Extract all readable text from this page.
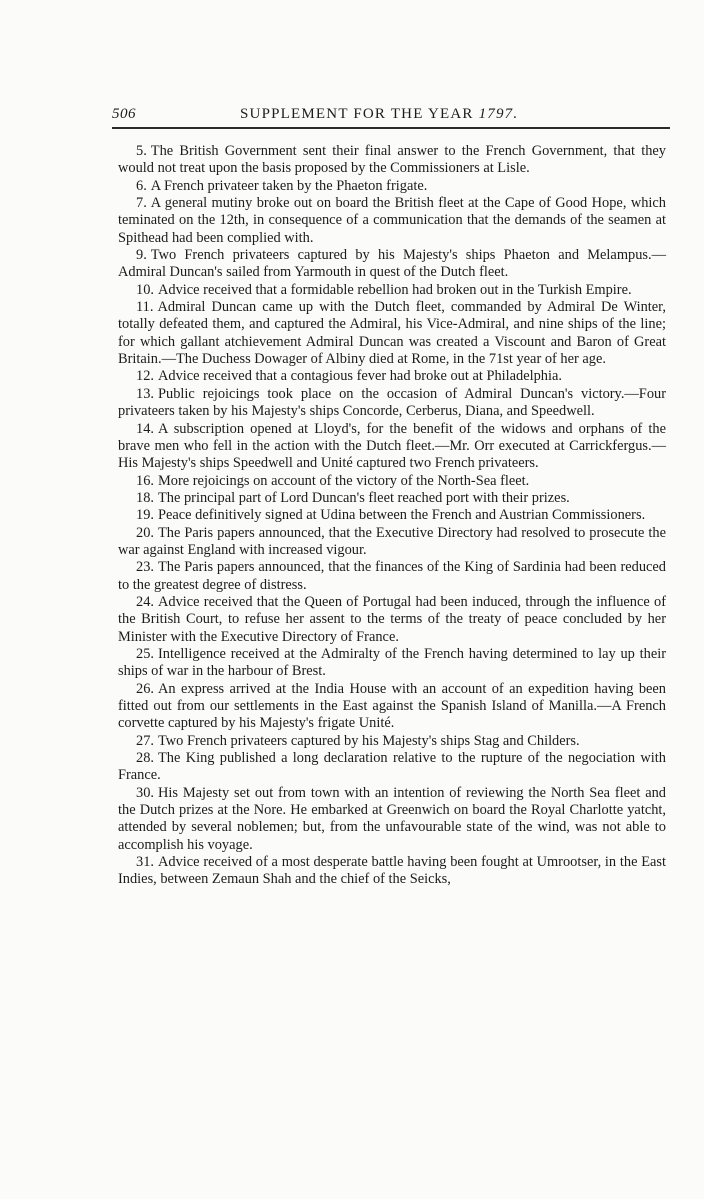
506	SUPPLEMENT FOR THE YEAR 1797.

5. The British Government sent their final answer to the French Government, that they would not treat upon the basis proposed by the Commissioners at Lisle.

6. A French privateer taken by the Phaeton frigate.

7. A general mutiny broke out on board the British fleet at the Cape of Good Hope, which teminated on the 12th, in consequence of a communication that the demands of the seamen at Spithead had been complied with.

9. Two French privateers captured by his Majesty's ships Phaeton and Melampus.—Admiral Duncan's sailed from Yarmouth in quest of the Dutch fleet.

10. Advice received that a formidable rebellion had broken out in the Turkish Empire.

11. Admiral Duncan came up with the Dutch fleet, commanded by Admiral De Winter, totally defeated them, and captured the Admiral, his Vice-Admiral, and nine ships of the line; for which gallant atchievement Admiral Duncan was created a Viscount and Baron of Great Britain.—The Duchess Dowager of Albiny died at Rome, in the 71st year of her age.

12. Advice received that a contagious fever had broke out at Philadelphia.

13. Public rejoicings took place on the occasion of Admiral Duncan's victory.—Four privateers taken by his Majesty's ships Concorde, Cerberus, Diana, and Speedwell.

14. A subscription opened at Lloyd's, for the benefit of the widows and orphans of the brave men who fell in the action with the Dutch fleet.—Mr. Orr executed at Carrickfergus.—His Majesty's ships Speedwell and Unité captured two French privateers.

16. More rejoicings on account of the victory of the North-Sea fleet.

18. The principal part of Lord Duncan's fleet reached port with their prizes.

19. Peace definitively signed at Udina between the French and Austrian Commissioners.

20. The Paris papers announced, that the Executive Directory had resolved to prosecute the war against England with increased vigour.

23. The Paris papers announced, that the finances of the King of Sardinia had been reduced to the greatest degree of distress.

24. Advice received that the Queen of Portugal had been induced, through the influence of the British Court, to refuse her assent to the terms of the treaty of peace concluded by her Minister with the Executive Directory of France.

25. Intelligence received at the Admiralty of the French having determined to lay up their ships of war in the harbour of Brest.

26. An express arrived at the India House with an account of an expedition having been fitted out from our settlements in the East against the Spanish Island of Manilla.—A French corvette captured by his Majesty's frigate Unité.

27. Two French privateers captured by his Majesty's ships Stag and Childers.

28. The King published a long declaration relative to the rupture of the negociation with France.

30. His Majesty set out from town with an intention of reviewing the North Sea fleet and the Dutch prizes at the Nore. He embarked at Greenwich on board the Royal Charlotte yatcht, attended by several noblemen; but, from the unfavourable state of the wind, was not able to accomplish his voyage.

31. Advice received of a most desperate battle having been fought at Umrootser, in the East Indies, between Zemaun Shah and the chief of the Seicks,
